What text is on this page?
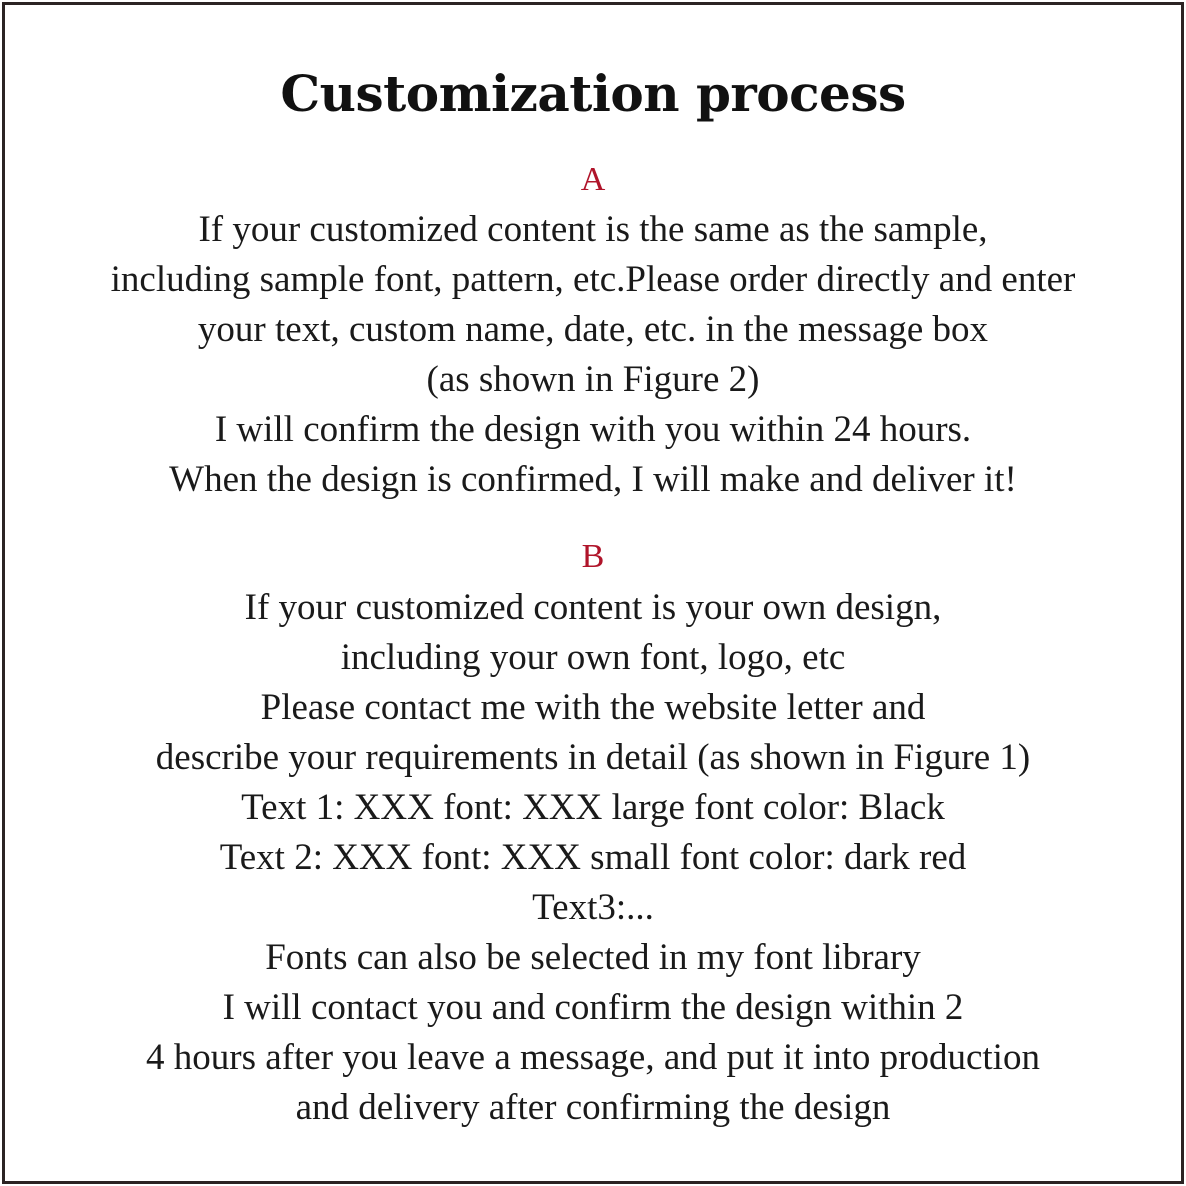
Customization process
A
If your customized content is the same as the sample,
including sample font, pattern, etc.Please order directly and enter
your text, custom name, date, etc. in the message box
(as shown in Figure 2)
I will confirm the design with you within 24 hours.
When the design is confirmed, I will make and deliver it!
B
If your customized content is your own design,
including your own font, logo, etc
Please contact me with the website letter and
describe your requirements in detail (as shown in Figure 1)
Text 1: XXX font: XXX large font color: Black
Text 2: XXX font: XXX small font color: dark red
Text3:...
Fonts can also be selected in my font library
I will contact you and confirm the design within 2
4 hours after you leave a message, and put it into production
and delivery after confirming the design
